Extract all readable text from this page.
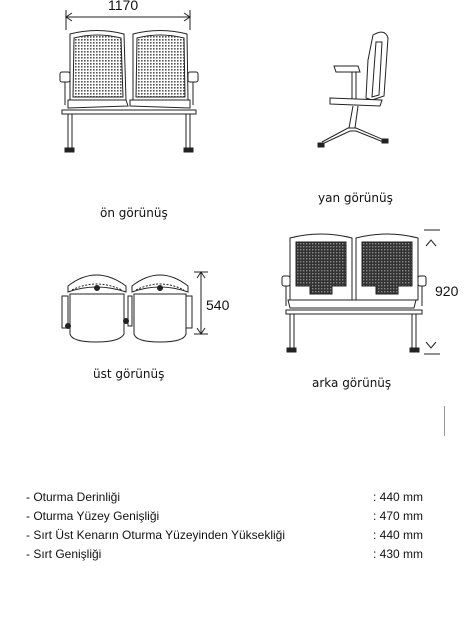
1170
540
920
ön görünüş
yan görünüş
üst görünüş
arka görünüş
- Oturma Derinliği	: 440 mm
- Oturma Yüzey Genişliği	: 470 mm
- Sırt Üst Kenarın Oturma Yüzeyinden Yüksekliği	: 440 mm
- Sırt Genişliği	: 430 mm
